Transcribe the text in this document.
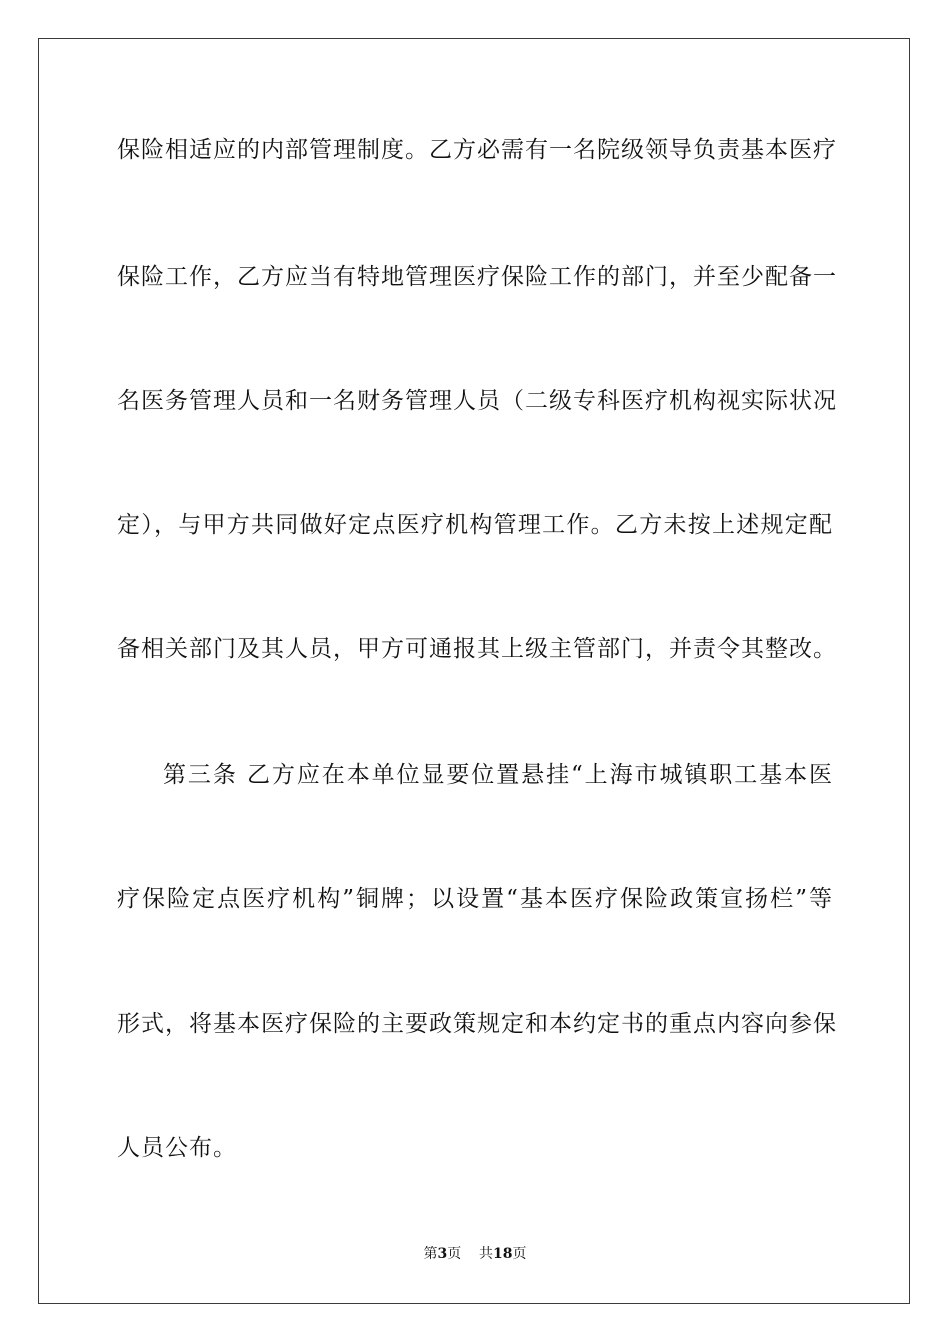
保险相适应的内部管理制度。乙方必需有一名院级领导负责基本医疗
保险工作，乙方应当有特地管理医疗保险工作的部门，并至少配备一
名医务管理人员和一名财务管理人员（二级专科医疗机构视实际状况
定），与甲方共同做好定点医疗机构管理工作。乙方未按上述规定配
备相关部门及其人员，甲方可通报其上级主管部门，并责令其整改。
第三条 乙方应在本单位显要位置悬挂“上海市城镇职工基本医
疗保险定点医疗机构”铜牌；以设置“基本医疗保险政策宣扬栏”等
形式，将基本医疗保险的主要政策规定和本约定书的重点内容向参保
人员公布。
第3页 共18页
